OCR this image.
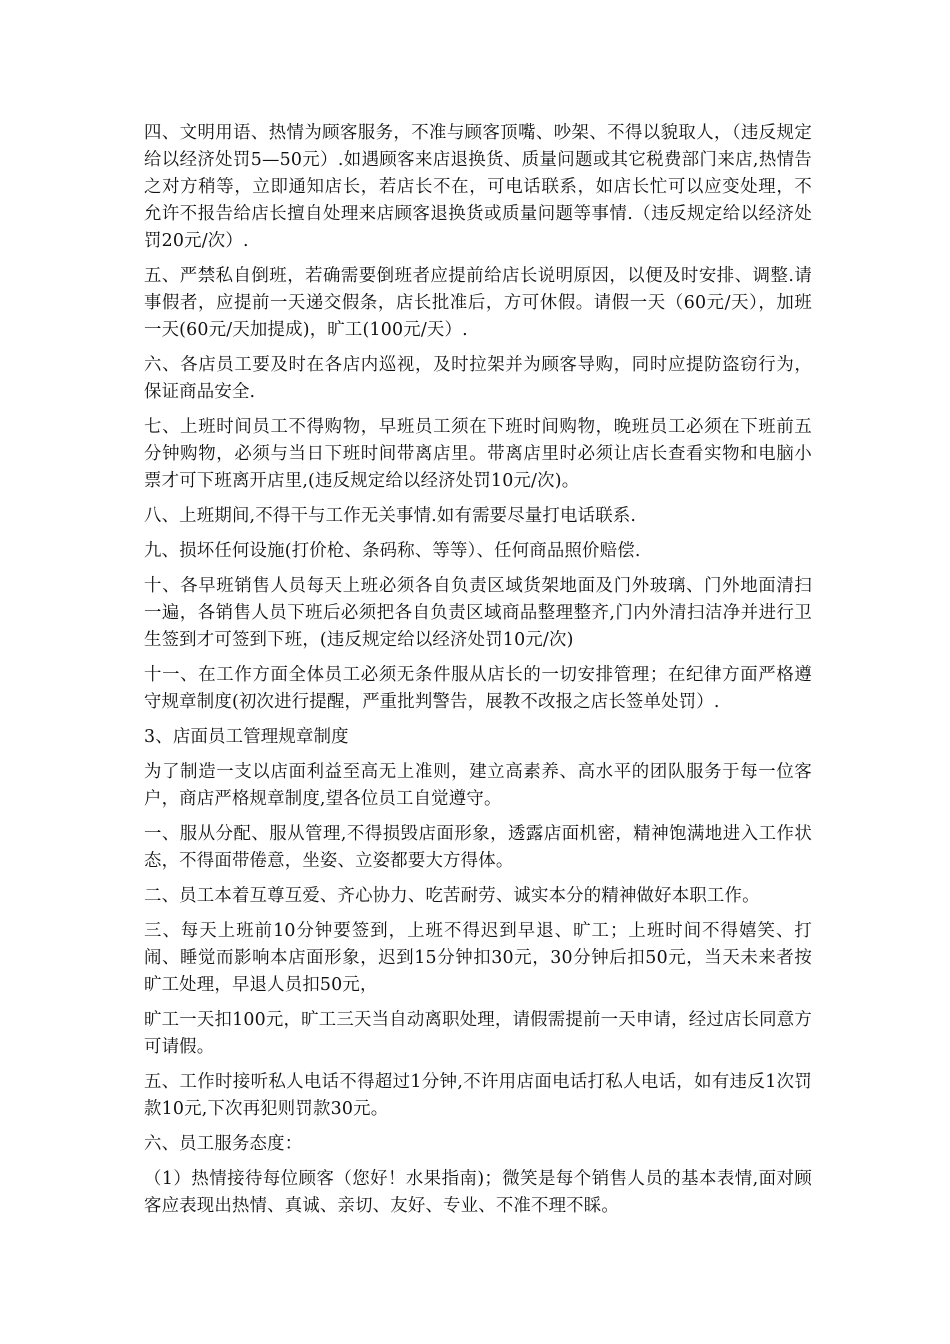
四、文明用语、热情为顾客服务，不准与顾客顶嘴、吵架、不得以貌取人，（违反规定给以经济处罚5—50元）.如遇顾客来店退换货、质量问题或其它税费部门来店,热情告之对方稍等，立即通知店长，若店长不在，可电话联系，如店长忙可以应变处理，不允许不报告给店长擅自处理来店顾客退换货或质量问题等事情.（违反规定给以经济处罚20元/次）.

五、严禁私自倒班，若确需要倒班者应提前给店长说明原因，以便及时安排、调整.请事假者，应提前一天递交假条，店长批准后，方可休假。请假一天（60元/天），加班一天(60元/天加提成)，旷工(100元/天）.

六、各店员工要及时在各店内巡视，及时拉架并为顾客导购，同时应提防盗窃行为，保证商品安全.

七、上班时间员工不得购物，早班员工须在下班时间购物，晚班员工必须在下班前五分钟购物，必须与当日下班时间带离店里。带离店里时必须让店长查看实物和电脑小票才可下班离开店里,(违反规定给以经济处罚10元/次)。

八、上班期间,不得干与工作无关事情.如有需要尽量打电话联系.

九、损坏任何设施(打价枪、条码称、等等）、任何商品照价赔偿.

十、各早班销售人员每天上班必须各自负责区域货架地面及门外玻璃、门外地面清扫一遍，各销售人员下班后必须把各自负责区域商品整理整齐,门内外清扫洁净并进行卫生签到才可签到下班，(违反规定给以经济处罚10元/次)

十一、在工作方面全体员工必须无条件服从店长的一切安排管理；在纪律方面严格遵守规章制度(初次进行提醒，严重批判警告，展教不改报之店长签单处罚）.

3、店面员工管理规章制度

为了制造一支以店面利益至高无上准则，建立高素养、高水平的团队服务于每一位客户，商店严格规章制度,望各位员工自觉遵守。

一、服从分配、服从管理,不得损毁店面形象，透露店面机密，精神饱满地进入工作状态，不得面带倦意，坐姿、立姿都要大方得体。

二、员工本着互尊互爱、齐心协力、吃苦耐劳、诚实本分的精神做好本职工作。

三、每天上班前10分钟要签到，上班不得迟到早退、旷工；上班时间不得嬉笑、打闹、睡觉而影响本店面形象，迟到15分钟扣30元，30分钟后扣50元，当天未来者按旷工处理，早退人员扣50元，

旷工一天扣100元，旷工三天当自动离职处理，请假需提前一天申请，经过店长同意方可请假。

五、工作时接听私人电话不得超过1分钟,不许用店面电话打私人电话，如有违反1次罚款10元,下次再犯则罚款30元。

六、员工服务态度：

（1）热情接待每位顾客（您好！水果指南)；微笑是每个销售人员的基本表情,面对顾客应表现出热情、真诚、亲切、友好、专业、不准不理不睬。
